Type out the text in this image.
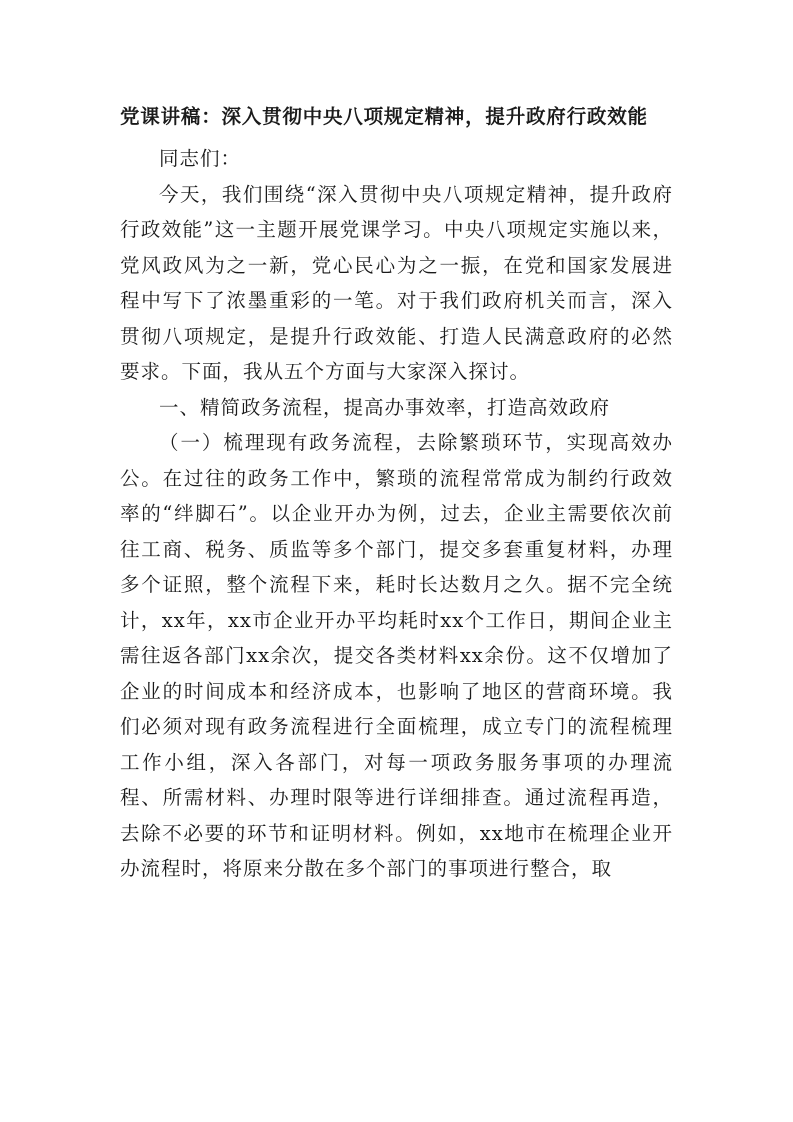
党课讲稿：深入贯彻中央八项规定精神，提升政府行政效能

同志们：

今天，我们围绕“深入贯彻中央八项规定精神，提升政府行政效能”这一主题开展党课学习。中央八项规定实施以来，党风政风为之一新，党心民心为之一振，在党和国家发展进程中写下了浓墨重彩的一笔。对于我们政府机关而言，深入贯彻八项规定，是提升行政效能、打造人民满意政府的必然要求。下面，我从五个方面与大家深入探讨。

一、精简政务流程，提高办事效率，打造高效政府

（一）梳理现有政务流程，去除繁琐环节，实现高效办公。在过往的政务工作中，繁琐的流程常常成为制约行政效率的“绊脚石”。以企业开办为例，过去，企业主需要依次前往工商、税务、质监等多个部门，提交多套重复材料，办理多个证照，整个流程下来，耗时长达数月之久。据不完全统计，xx年，xx市企业开办平均耗时xx个工作日，期间企业主需往返各部门xx余次，提交各类材料xx余份。这不仅增加了企业的时间成本和经济成本，也影响了地区的营商环境。我们必须对现有政务流程进行全面梳理，成立专门的流程梳理工作小组，深入各部门，对每一项政务服务事项的办理流程、所需材料、办理时限等进行详细排查。通过流程再造，去除不必要的环节和证明材料。例如，xx地市在梳理企业开办流程时，将原来分散在多个部门的事项进行整合，取
